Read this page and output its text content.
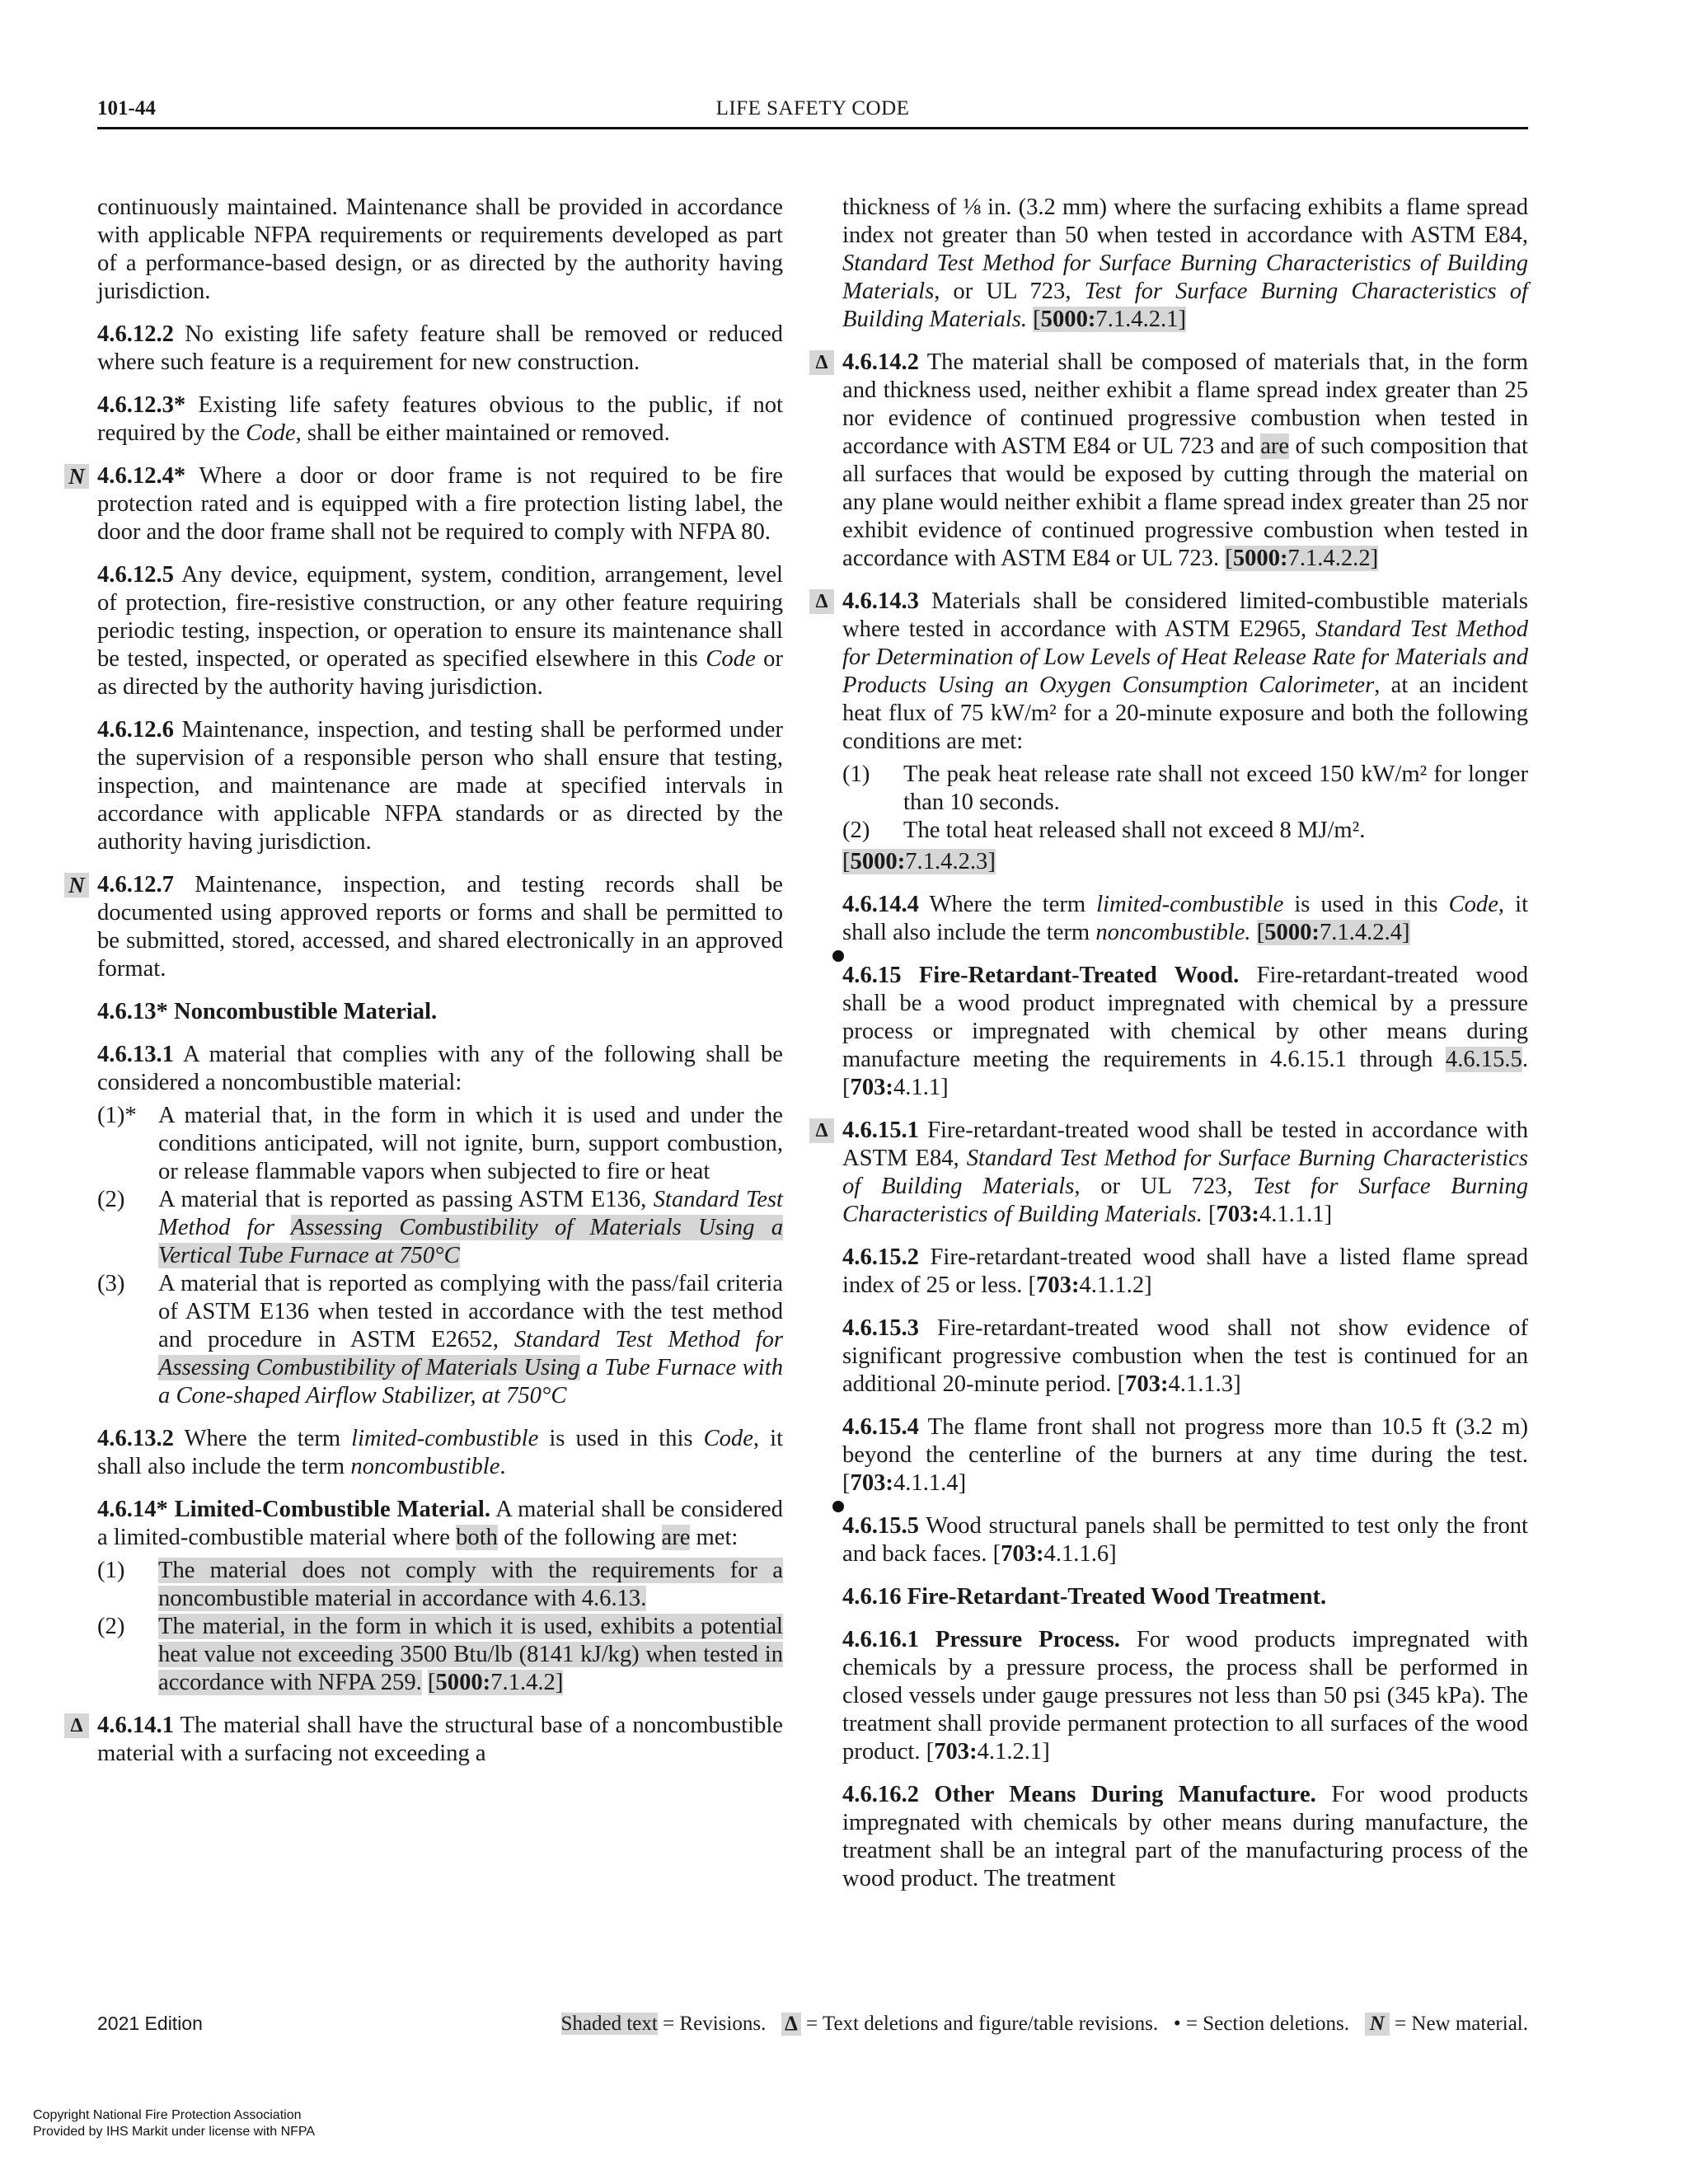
101-44	LIFE SAFETY CODE

continuously maintained. Maintenance shall be provided in accordance with applicable NFPA requirements or requirements developed as part of a performance-based design, or as directed by the authority having jurisdiction.

4.6.12.2 No existing life safety feature shall be removed or reduced where such feature is a requirement for new construction.

4.6.12.3* Existing life safety features obvious to the public, if not required by the Code, shall be either maintained or removed.

N 4.6.12.4* Where a door or door frame is not required to be fire protection rated and is equipped with a fire protection listing label, the door and the door frame shall not be required to comply with NFPA 80.

4.6.12.5 Any device, equipment, system, condition, arrangement, level of protection, fire-resistive construction, or any other feature requiring periodic testing, inspection, or operation to ensure its maintenance shall be tested, inspected, or operated as specified elsewhere in this Code or as directed by the authority having jurisdiction.

4.6.12.6 Maintenance, inspection, and testing shall be performed under the supervision of a responsible person who shall ensure that testing, inspection, and maintenance are made at specified intervals in accordance with applicable NFPA standards or as directed by the authority having jurisdiction.

N 4.6.12.7 Maintenance, inspection, and testing records shall be documented using approved reports or forms and shall be permitted to be submitted, stored, accessed, and shared electronically in an approved format.

4.6.13* Noncombustible Material.

4.6.13.1 A material that complies with any of the following shall be considered a noncombustible material:

(1)* A material that, in the form in which it is used and under the conditions anticipated, will not ignite, burn, support combustion, or release flammable vapors when subjected to fire or heat
(2) A material that is reported as passing ASTM E136, Standard Test Method for Assessing Combustibility of Materials Using a Vertical Tube Furnace at 750°C
(3) A material that is reported as complying with the pass/fail criteria of ASTM E136 when tested in accordance with the test method and procedure in ASTM E2652, Standard Test Method for Assessing Combustibility of Materials Using a Tube Furnace with a Cone-shaped Airflow Stabilizer, at 750°C

4.6.13.2 Where the term limited-combustible is used in this Code, it shall also include the term noncombustible.

4.6.14* Limited-Combustible Material. A material shall be considered a limited-combustible material where both of the following are met:

(1) The material does not comply with the requirements for a noncombustible material in accordance with 4.6.13.
(2) The material, in the form in which it is used, exhibits a potential heat value not exceeding 3500 Btu/lb (8141 kJ/kg) when tested in accordance with NFPA 259. [5000:7.1.4.2]

Δ 4.6.14.1 The material shall have the structural base of a noncombustible material with a surfacing not exceeding a

thickness of ⅛ in. (3.2 mm) where the surfacing exhibits a flame spread index not greater than 50 when tested in accordance with ASTM E84, Standard Test Method for Surface Burning Characteristics of Building Materials, or UL 723, Test for Surface Burning Characteristics of Building Materials. [5000:7.1.4.2.1]

Δ 4.6.14.2 The material shall be composed of materials that, in the form and thickness used, neither exhibit a flame spread index greater than 25 nor evidence of continued progressive combustion when tested in accordance with ASTM E84 or UL 723 and are of such composition that all surfaces that would be exposed by cutting through the material on any plane would neither exhibit a flame spread index greater than 25 nor exhibit evidence of continued progressive combustion when tested in accordance with ASTM E84 or UL 723. [5000:7.1.4.2.2]

Δ 4.6.14.3 Materials shall be considered limited-combustible materials where tested in accordance with ASTM E2965, Standard Test Method for Determination of Low Levels of Heat Release Rate for Materials and Products Using an Oxygen Consumption Calorimeter, at an incident heat flux of 75 kW/m² for a 20-minute exposure and both the following conditions are met:

(1) The peak heat release rate shall not exceed 150 kW/m² for longer than 10 seconds.
(2) The total heat released shall not exceed 8 MJ/m².

[5000:7.1.4.2.3]

4.6.14.4 Where the term limited-combustible is used in this Code, it shall also include the term noncombustible. [5000:7.1.4.2.4]

4.6.15 Fire-Retardant-Treated Wood. Fire-retardant-treated wood shall be a wood product impregnated with chemical by a pressure process or impregnated with chemical by other means during manufacture meeting the requirements in 4.6.15.1 through 4.6.15.5. [703:4.1.1]

Δ 4.6.15.1 Fire-retardant-treated wood shall be tested in accordance with ASTM E84, Standard Test Method for Surface Burning Characteristics of Building Materials, or UL 723, Test for Surface Burning Characteristics of Building Materials. [703:4.1.1.1]

4.6.15.2 Fire-retardant-treated wood shall have a listed flame spread index of 25 or less. [703:4.1.1.2]

4.6.15.3 Fire-retardant-treated wood shall not show evidence of significant progressive combustion when the test is continued for an additional 20-minute period. [703:4.1.1.3]

4.6.15.4 The flame front shall not progress more than 10.5 ft (3.2 m) beyond the centerline of the burners at any time during the test. [703:4.1.1.4]

4.6.15.5 Wood structural panels shall be permitted to test only the front and back faces. [703:4.1.1.6]

4.6.16 Fire-Retardant-Treated Wood Treatment.

4.6.16.1 Pressure Process. For wood products impregnated with chemicals by a pressure process, the process shall be performed in closed vessels under gauge pressures not less than 50 psi (345 kPa). The treatment shall provide permanent protection to all surfaces of the wood product. [703:4.1.2.1]

4.6.16.2 Other Means During Manufacture. For wood products impregnated with chemicals by other means during manufacture, the treatment shall be an integral part of the manufacturing process of the wood product. The treatment

2021 Edition	Shaded text = Revisions. Δ = Text deletions and figure/table revisions. • = Section deletions. N = New material.
Copyright National Fire Protection Association
Provided by IHS Markit under license with NFPA
